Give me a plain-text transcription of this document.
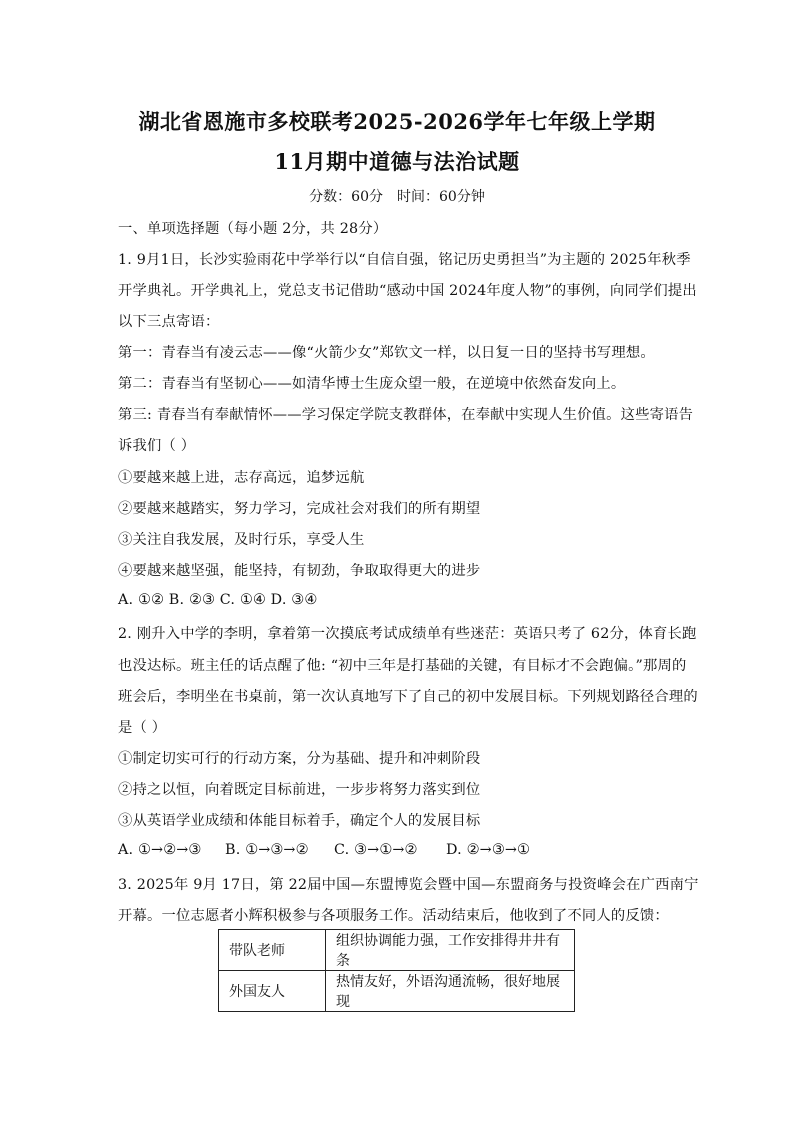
湖北省恩施市多校联考2025-2026学年七年级上学期
11月期中道德与法治试题
分数：60分 时间：60分钟
一、单项选择题（每小题 2分，共 28分）
1. 9月1日，长沙实验雨花中学举行以“自信自强，铭记历史勇担当”为主题的 2025年秋季
开学典礼。开学典礼上，党总支书记借助“感动中国 2024年度人物”的事例，向同学们提出
以下三点寄语：
第一：青春当有凌云志——像“火箭少女”郑钦文一样，以日复一日的坚持书写理想。
第二：青春当有坚韧心——如清华博士生庞众望一般，在逆境中依然奋发向上。
第三: 青春当有奉献情怀——学习保定学院支教群体，在奉献中实现人生价值。这些寄语告
诉我们（ ）
①要越来越上进，志存高远，追梦远航
②要越来越踏实，努力学习，完成社会对我们的所有期望
③关注自我发展，及时行乐，享受人生
④要越来越坚强，能坚持，有韧劲，争取取得更大的进步
A. ①② B. ②③ C. ①④ D. ③④
2. 刚升入中学的李明，拿着第一次摸底考试成绩单有些迷茫：英语只考了 62分，体育长跑
也没达标。班主任的话点醒了他: “初中三年是打基础的关键，有目标才不会跑偏。”那周的
班会后，李明坐在书桌前，第一次认真地写下了自己的初中发展目标。下列规划路径合理的
是（ ）
①制定切实可行的行动方案，分为基础、提升和冲刺阶段
②持之以恒，向着既定目标前进，一步步将努力落实到位
③从英语学业成绩和体能目标着手，确定个人的发展目标
A. ①→②→③ B. ①→③→② C. ③→①→② D. ②→③→①
3. 2025年 9月 17日，第 22届中国—东盟博览会暨中国—东盟商务与投资峰会在广西南宁
开幕。一位志愿者小辉积极参与各项服务工作。活动结束后，他收到了不同人的反馈：
带队老师	组织协调能力强，工作安排得井井有条
外国友人	热情友好，外语沟通流畅，很好地展现
